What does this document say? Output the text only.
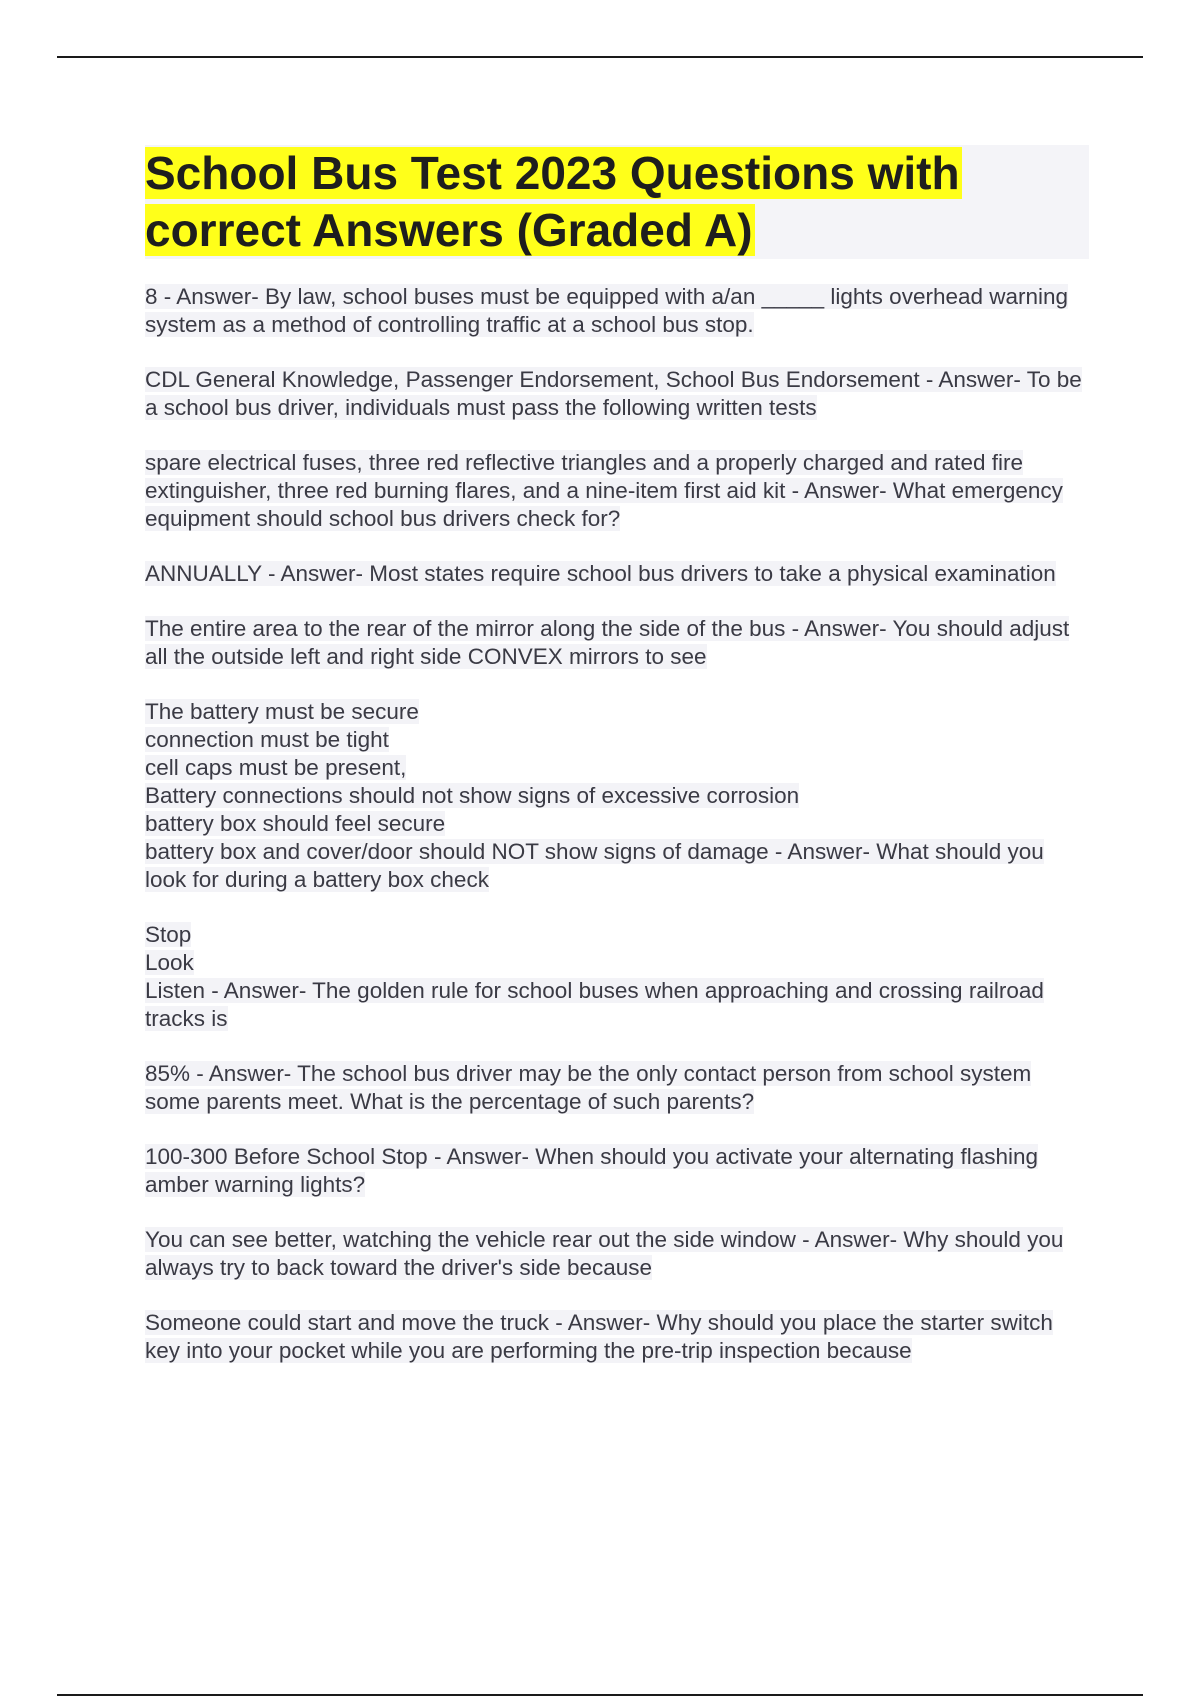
School Bus Test 2023 Questions with correct Answers (Graded A)

8 - Answer- By law, school buses must be equipped with a/an _____ lights overhead warning system as a method of controlling traffic at a school bus stop.

CDL General Knowledge, Passenger Endorsement, School Bus Endorsement - Answer- To be a school bus driver, individuals must pass the following written tests

spare electrical fuses, three red reflective triangles and a properly charged and rated fire extinguisher, three red burning flares, and a nine-item first aid kit - Answer- What emergency equipment should school bus drivers check for?

ANNUALLY - Answer- Most states require school bus drivers to take a physical examination

The entire area to the rear of the mirror along the side of the bus - Answer- You should adjust all the outside left and right side CONVEX mirrors to see

The battery must be secure
connection must be tight
cell caps must be present,
Battery connections should not show signs of excessive corrosion
battery box should feel secure
battery box and cover/door should NOT show signs of damage - Answer- What should you look for during a battery box check

Stop
Look
Listen - Answer- The golden rule for school buses when approaching and crossing railroad tracks is

85% - Answer- The school bus driver may be the only contact person from school system some parents meet. What is the percentage of such parents?

100-300 Before School Stop - Answer- When should you activate your alternating flashing amber warning lights?

You can see better, watching the vehicle rear out the side window - Answer- Why should you always try to back toward the driver's side because

Someone could start and move the truck - Answer- Why should you place the starter switch key into your pocket while you are performing the pre-trip inspection because
